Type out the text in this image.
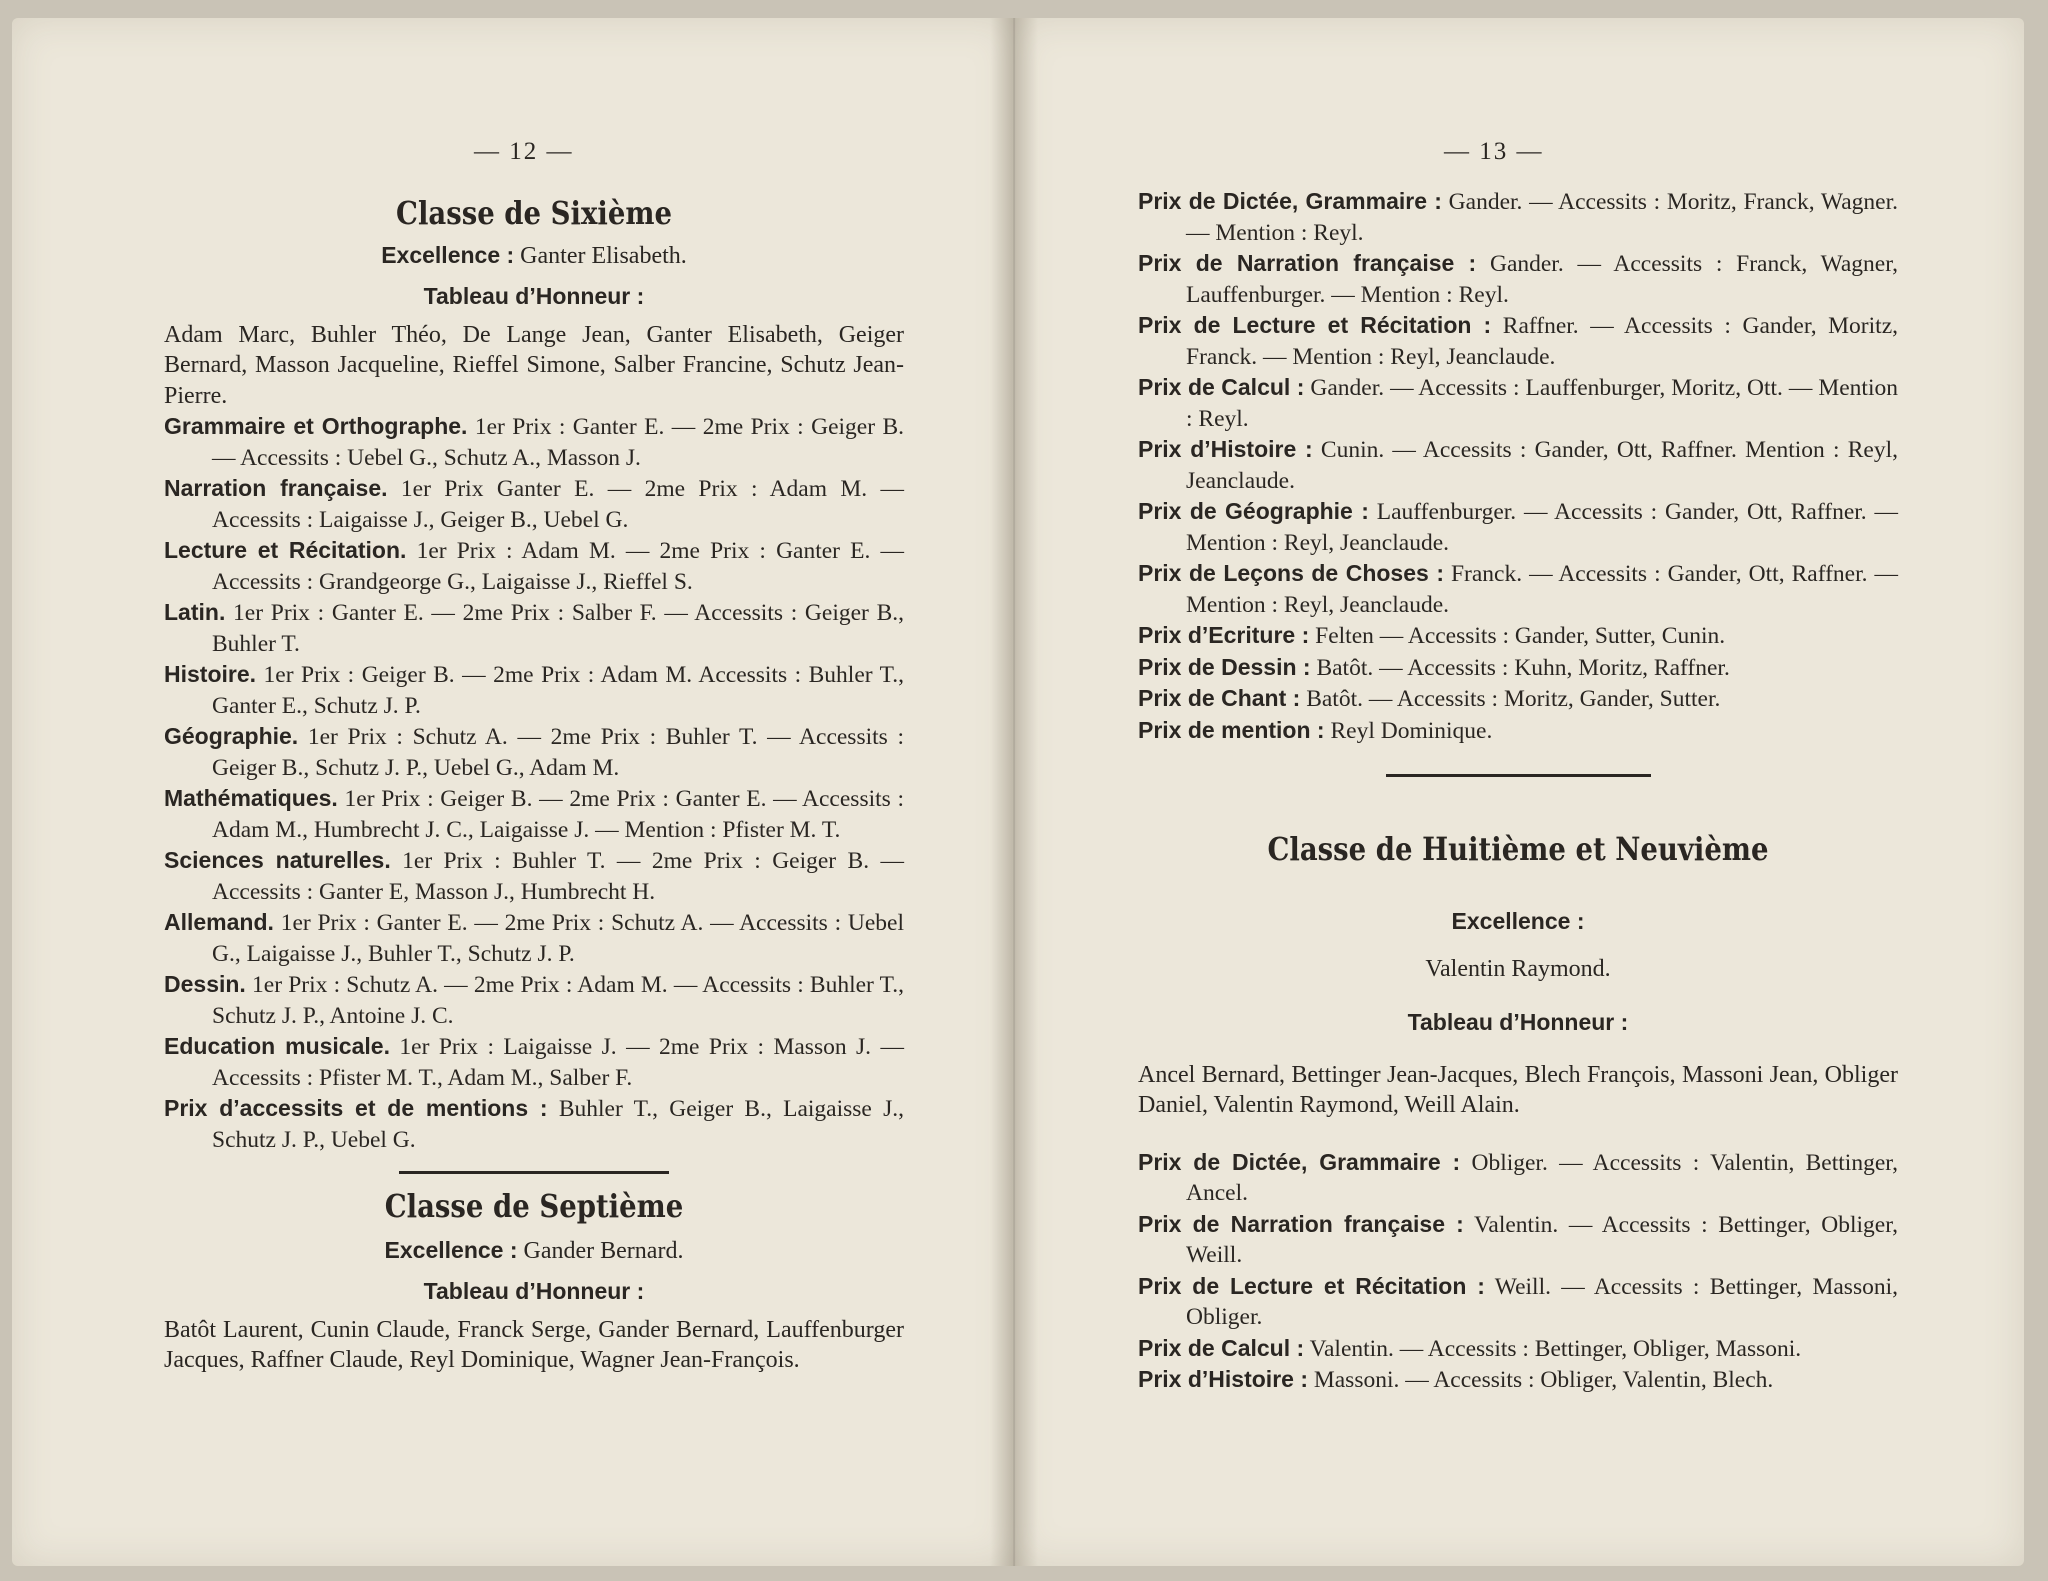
— 12 —
Classe de Sixième

Excellence : Ganter Elisabeth.

Tableau d’Honneur :

Adam Marc, Buhler Théo, De Lange Jean, Ganter Elisabeth, Geiger Bernard, Masson Jacqueline, Rieffel Simone, Salber Francine, Schutz Jean-Pierre.

Grammaire et Orthographe. 1er Prix : Ganter E. — 2me Prix : Geiger B. — Accessits : Uebel G., Schutz A., Masson J.

Narration française. 1er Prix Ganter E. — 2me Prix : Adam M. — Accessits : Laigaisse J., Geiger B., Uebel G.

Lecture et Récitation. 1er Prix : Adam M. — 2me Prix : Ganter E. — Accessits : Grandgeorge G., Laigaisse J., Rieffel S.

Latin. 1er Prix : Ganter E. — 2me Prix : Salber F. — Accessits : Geiger B., Buhler T.

Histoire. 1er Prix : Geiger B. — 2me Prix : Adam M. Accessits : Buhler T., Ganter E., Schutz J. P.

Géographie. 1er Prix : Schutz A. — 2me Prix : Buhler T. — Accessits : Geiger B., Schutz J. P., Uebel G., Adam M.

Mathématiques. 1er Prix : Geiger B. — 2me Prix : Ganter E. — Accessits : Adam M., Humbrecht J. C., Laigaisse J. — Mention : Pfister M. T.

Sciences naturelles. 1er Prix : Buhler T. — 2me Prix : Geiger B. — Accessits : Ganter E, Masson J., Humbrecht H.

Allemand. 1er Prix : Ganter E. — 2me Prix : Schutz A. — Accessits : Uebel G., Laigaisse J., Buhler T., Schutz J. P.

Dessin. 1er Prix : Schutz A. — 2me Prix : Adam M. — Accessits : Buhler T., Schutz J. P., Antoine J. C.

Education musicale. 1er Prix : Laigaisse J. — 2me Prix : Masson J. — Accessits : Pfister M. T., Adam M., Salber F.

Prix d’accessits et de mentions : Buhler T., Geiger B., Laigaisse J., Schutz J. P., Uebel G.

Classe de Septième

Excellence : Gander Bernard.

Tableau d’Honneur :

Batôt Laurent, Cunin Claude, Franck Serge, Gander Bernard, Lauffenburger Jacques, Raffner Claude, Reyl Dominique, Wagner Jean-François.

— 13 —

Prix de Dictée, Grammaire : Gander. — Accessits : Moritz, Franck, Wagner. — Mention : Reyl.

Prix de Narration française : Gander. — Accessits : Franck, Wagner, Lauffenburger. — Mention : Reyl.

Prix de Lecture et Récitation : Raffner. — Accessits : Gander, Moritz, Franck. — Mention : Reyl, Jeanclaude.

Prix de Calcul : Gander. — Accessits : Lauffenburger, Moritz, Ott. — Mention : Reyl.

Prix d’Histoire : Cunin. — Accessits : Gander, Ott, Raffner. Mention : Reyl, Jeanclaude.

Prix de Géographie : Lauffenburger. — Accessits : Gander, Ott, Raffner. — Mention : Reyl, Jeanclaude.

Prix de Leçons de Choses : Franck. — Accessits : Gander, Ott, Raffner. — Mention : Reyl, Jeanclaude.

Prix d’Ecriture : Felten — Accessits : Gander, Sutter, Cunin.

Prix de Dessin : Batôt. — Accessits : Kuhn, Moritz, Raffner.

Prix de Chant : Batôt. — Accessits : Moritz, Gander, Sutter.

Prix de mention : Reyl Dominique.

Classe de Huitième et Neuvième

Excellence :

Valentin Raymond.

Tableau d’Honneur :

Ancel Bernard, Bettinger Jean-Jacques, Blech François, Massoni Jean, Obliger Daniel, Valentin Raymond, Weill Alain.

Prix de Dictée, Grammaire : Obliger. — Accessits : Valentin, Bettinger, Ancel.

Prix de Narration française : Valentin. — Accessits : Bettinger, Obliger, Weill.

Prix de Lecture et Récitation : Weill. — Accessits : Bettinger, Massoni, Obliger.

Prix de Calcul : Valentin. — Accessits : Bettinger, Obliger, Massoni.

Prix d’Histoire : Massoni. — Accessits : Obliger, Valentin, Blech.
